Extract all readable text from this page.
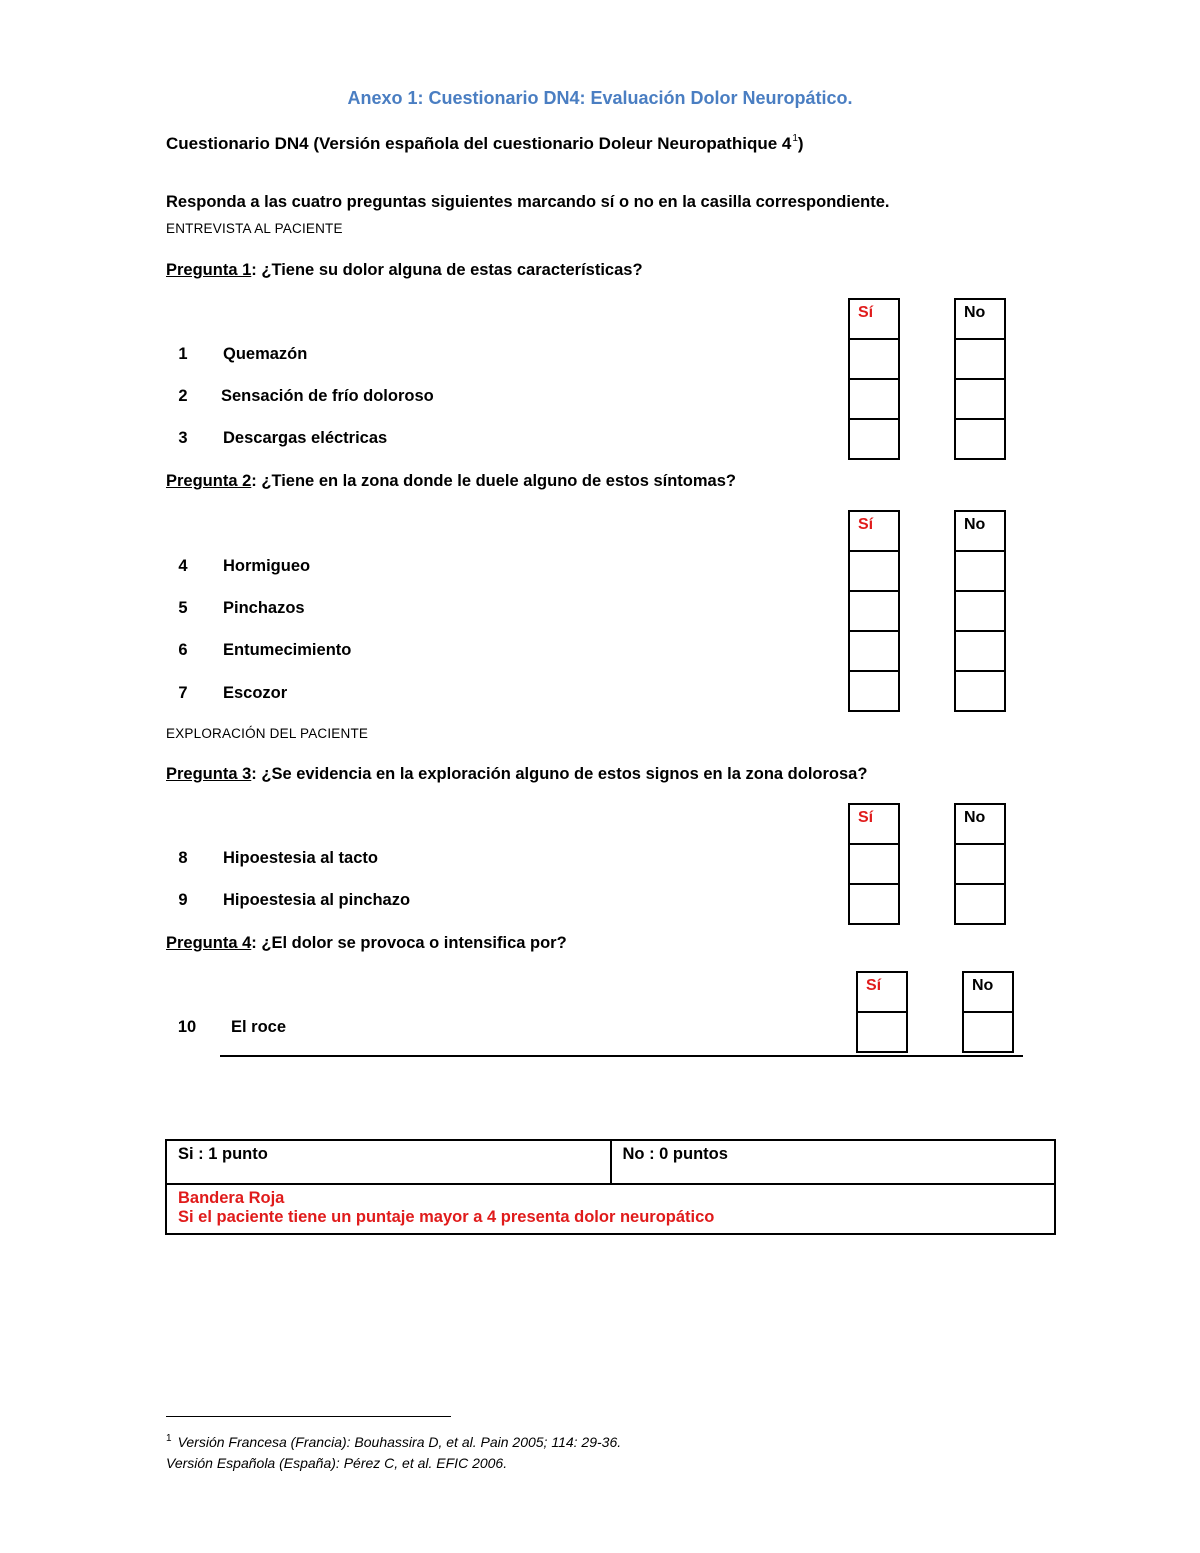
Anexo 1: Cuestionario DN4: Evaluación Dolor Neuropático.
Cuestionario DN4 (Versión española del cuestionario Doleur Neuropathique $4^1$)
Responda a las cuatro preguntas siguientes marcando sí o no en la casilla correspondiente.
ENTREVISTA AL PACIENTE
Pregunta 1: ¿Tiene su dolor alguna de estas características?
1	Quemazón
2	Sensación de frío doloroso
3	Descargas eléctricas
Sí	No
Pregunta 2: ¿Tiene en la zona donde le duele alguno de estos síntomas?
4	Hormigueo
5	Pinchazos
6	Entumecimiento
7	Escozor
Sí	No
EXPLORACIÓN DEL PACIENTE
Pregunta 3: ¿Se evidencia en la exploración alguno de estos signos en la zona dolorosa?
8	Hipoestesia al tacto
9	Hipoestesia al pinchazo
Sí	No
Pregunta 4: ¿El dolor se provoca o intensifica por?
10	El roce
Sí	No
Si : 1 punto	No : 0 puntos

Bandera Roja
Si el paciente tiene un puntaje mayor a 4 presenta dolor neuropático
$^1$ Versión Francesa (Francia): Bouhassira D, et al. Pain 2005; 114: 29-36.
Versión Española (España): Pérez C, et al. EFIC 2006.
